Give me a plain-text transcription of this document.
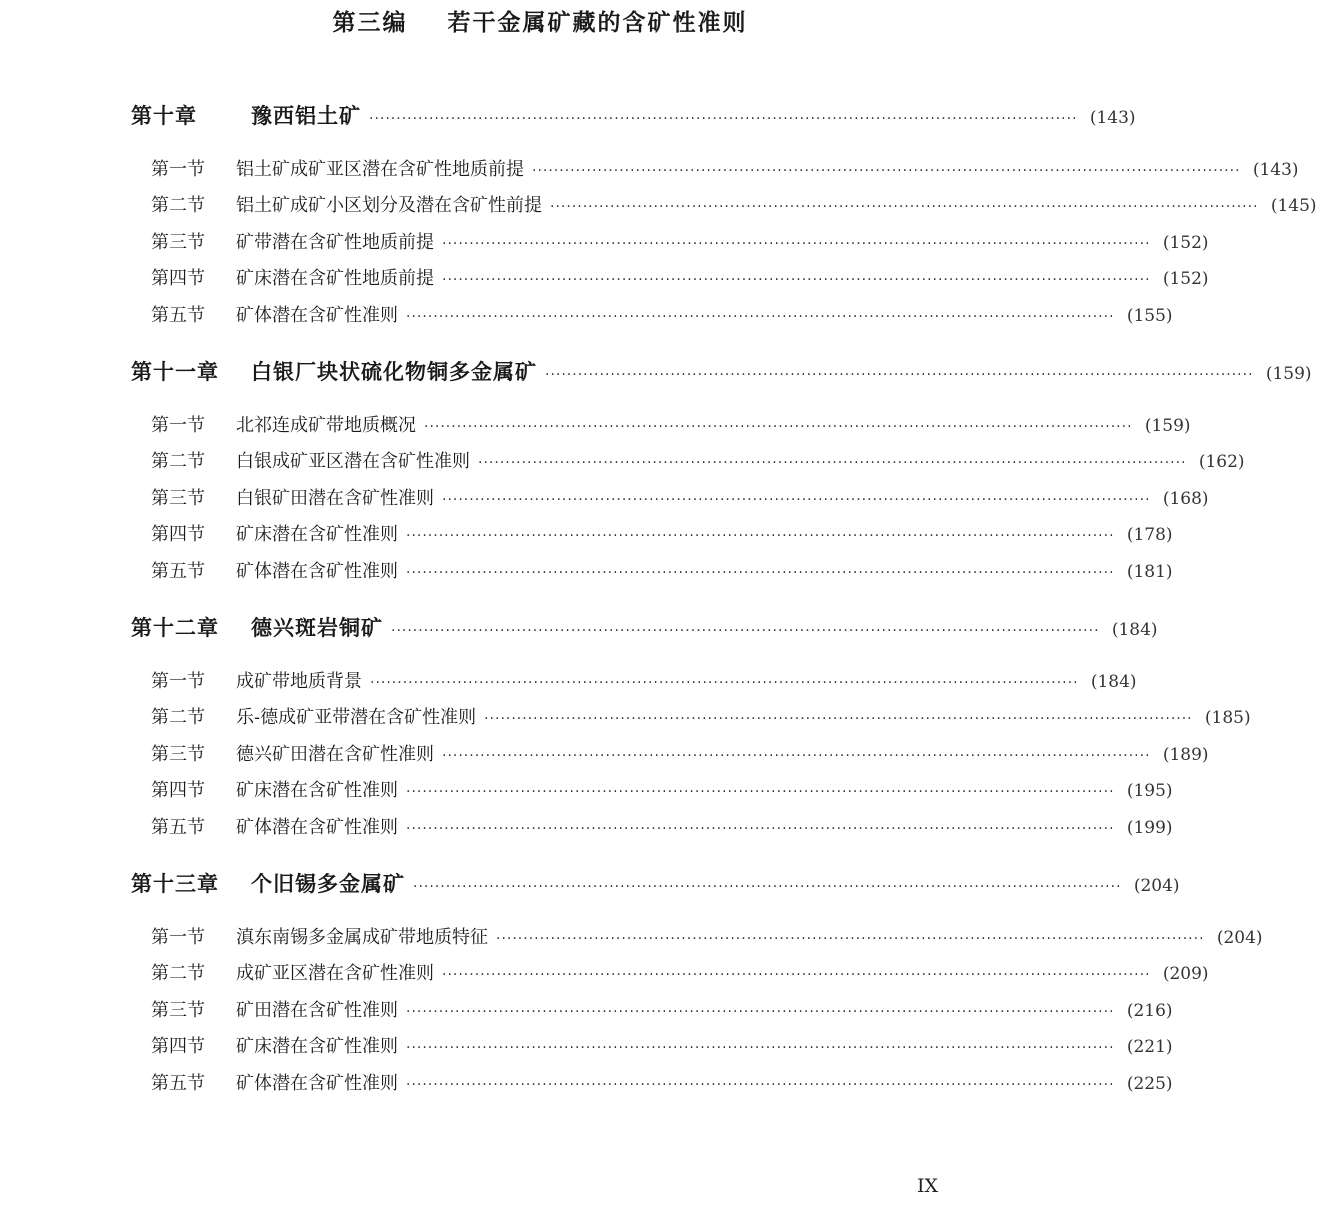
第三编    若干金属矿藏的含矿性准则
第十章	豫西铝土矿 ·································································································································· (143)
第一节	铝土矿成矿亚区潜在含矿性地质前提 ·································································································································· (143)
第二节	铝土矿成矿小区划分及潜在含矿性前提 ·································································································································· (145)
第三节	矿带潜在含矿性地质前提 ·································································································································· (152)
第四节	矿床潜在含矿性地质前提 ·································································································································· (152)
第五节	矿体潜在含矿性准则 ·································································································································· (155)
第十一章	白银厂块状硫化物铜多金属矿 ·································································································································· (159)
第一节	北祁连成矿带地质概况 ·································································································································· (159)
第二节	白银成矿亚区潜在含矿性准则 ·································································································································· (162)
第三节	白银矿田潜在含矿性准则 ·································································································································· (168)
第四节	矿床潜在含矿性准则 ·································································································································· (178)
第五节	矿体潜在含矿性准则 ·································································································································· (181)
第十二章	德兴斑岩铜矿 ·································································································································· (184)
第一节	成矿带地质背景 ·································································································································· (184)
第二节	乐-德成矿亚带潜在含矿性准则 ·································································································································· (185)
第三节	德兴矿田潜在含矿性准则 ·································································································································· (189)
第四节	矿床潜在含矿性准则 ·································································································································· (195)
第五节	矿体潜在含矿性准则 ·································································································································· (199)
第十三章	个旧锡多金属矿 ·································································································································· (204)
第一节	滇东南锡多金属成矿带地质特征 ·································································································································· (204)
第二节	成矿亚区潜在含矿性准则 ·································································································································· (209)
第三节	矿田潜在含矿性准则 ·································································································································· (216)
第四节	矿床潜在含矿性准则 ·································································································································· (221)
第五节	矿体潜在含矿性准则 ·································································································································· (225)
IX
